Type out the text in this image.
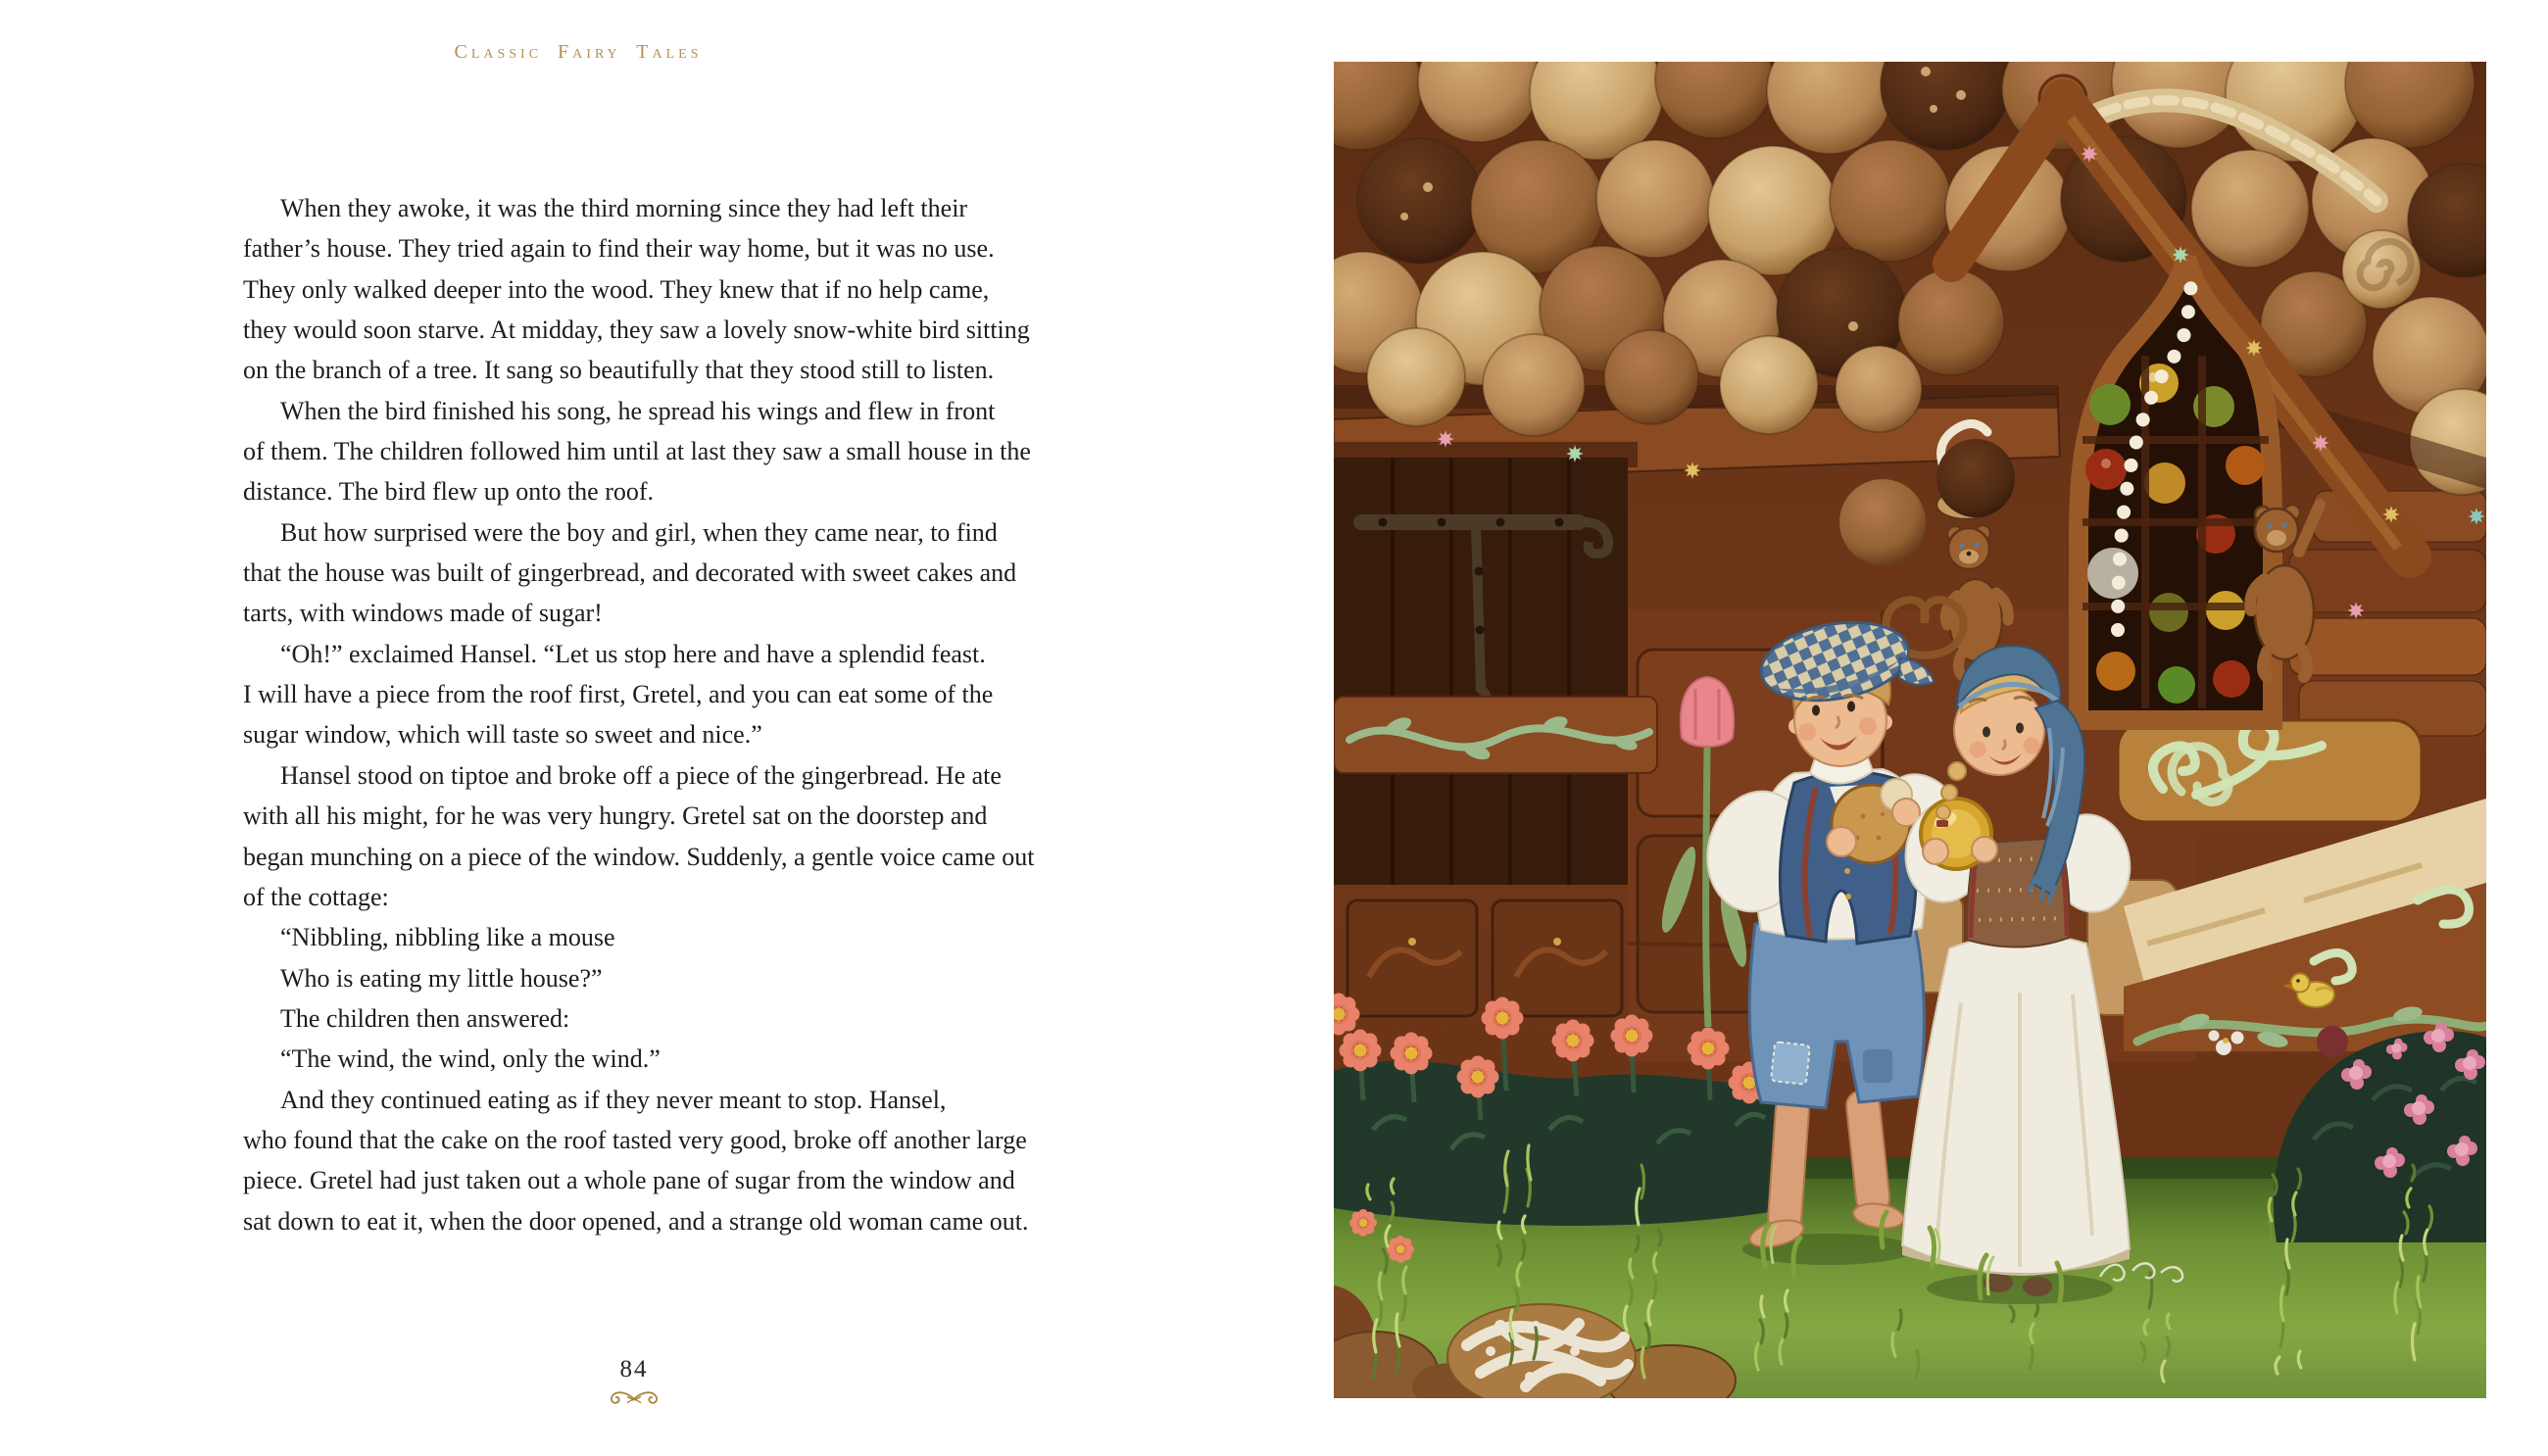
Classic Fairy Tales
When they awoke, it was the third morning since they had left their
father’s house. They tried again to find their way home, but it was no use.
They only walked deeper into the wood. They knew that if no help came,
they would soon starve. At midday, they saw a lovely snow-white bird sitting
on the branch of a tree. It sang so beautifully that they stood still to listen.
When the bird finished his song, he spread his wings and flew in front
of them. The children followed him until at last they saw a small house in the
distance. The bird flew up onto the roof.
But how surprised were the boy and girl, when they came near, to find
that the house was built of gingerbread, and decorated with sweet cakes and
tarts, with windows made of sugar!
“Oh!” exclaimed Hansel. “Let us stop here and have a splendid feast.
I will have a piece from the roof first, Gretel, and you can eat some of the
sugar window, which will taste so sweet and nice.”
Hansel stood on tiptoe and broke off a piece of the gingerbread. He ate
with all his might, for he was very hungry. Gretel sat on the doorstep and
began munching on a piece of the window. Suddenly, a gentle voice came out
of the cottage:
“Nibbling, nibbling like a mouse
Who is eating my little house?”
The children then answered:
“The wind, the wind, only the wind.”
And they continued eating as if they never meant to stop. Hansel,
who found that the cake on the roof tasted very good, broke off another large
piece. Gretel had just taken out a whole pane of sugar from the window and
sat down to eat it, when the door opened, and a strange old woman came out.
84
